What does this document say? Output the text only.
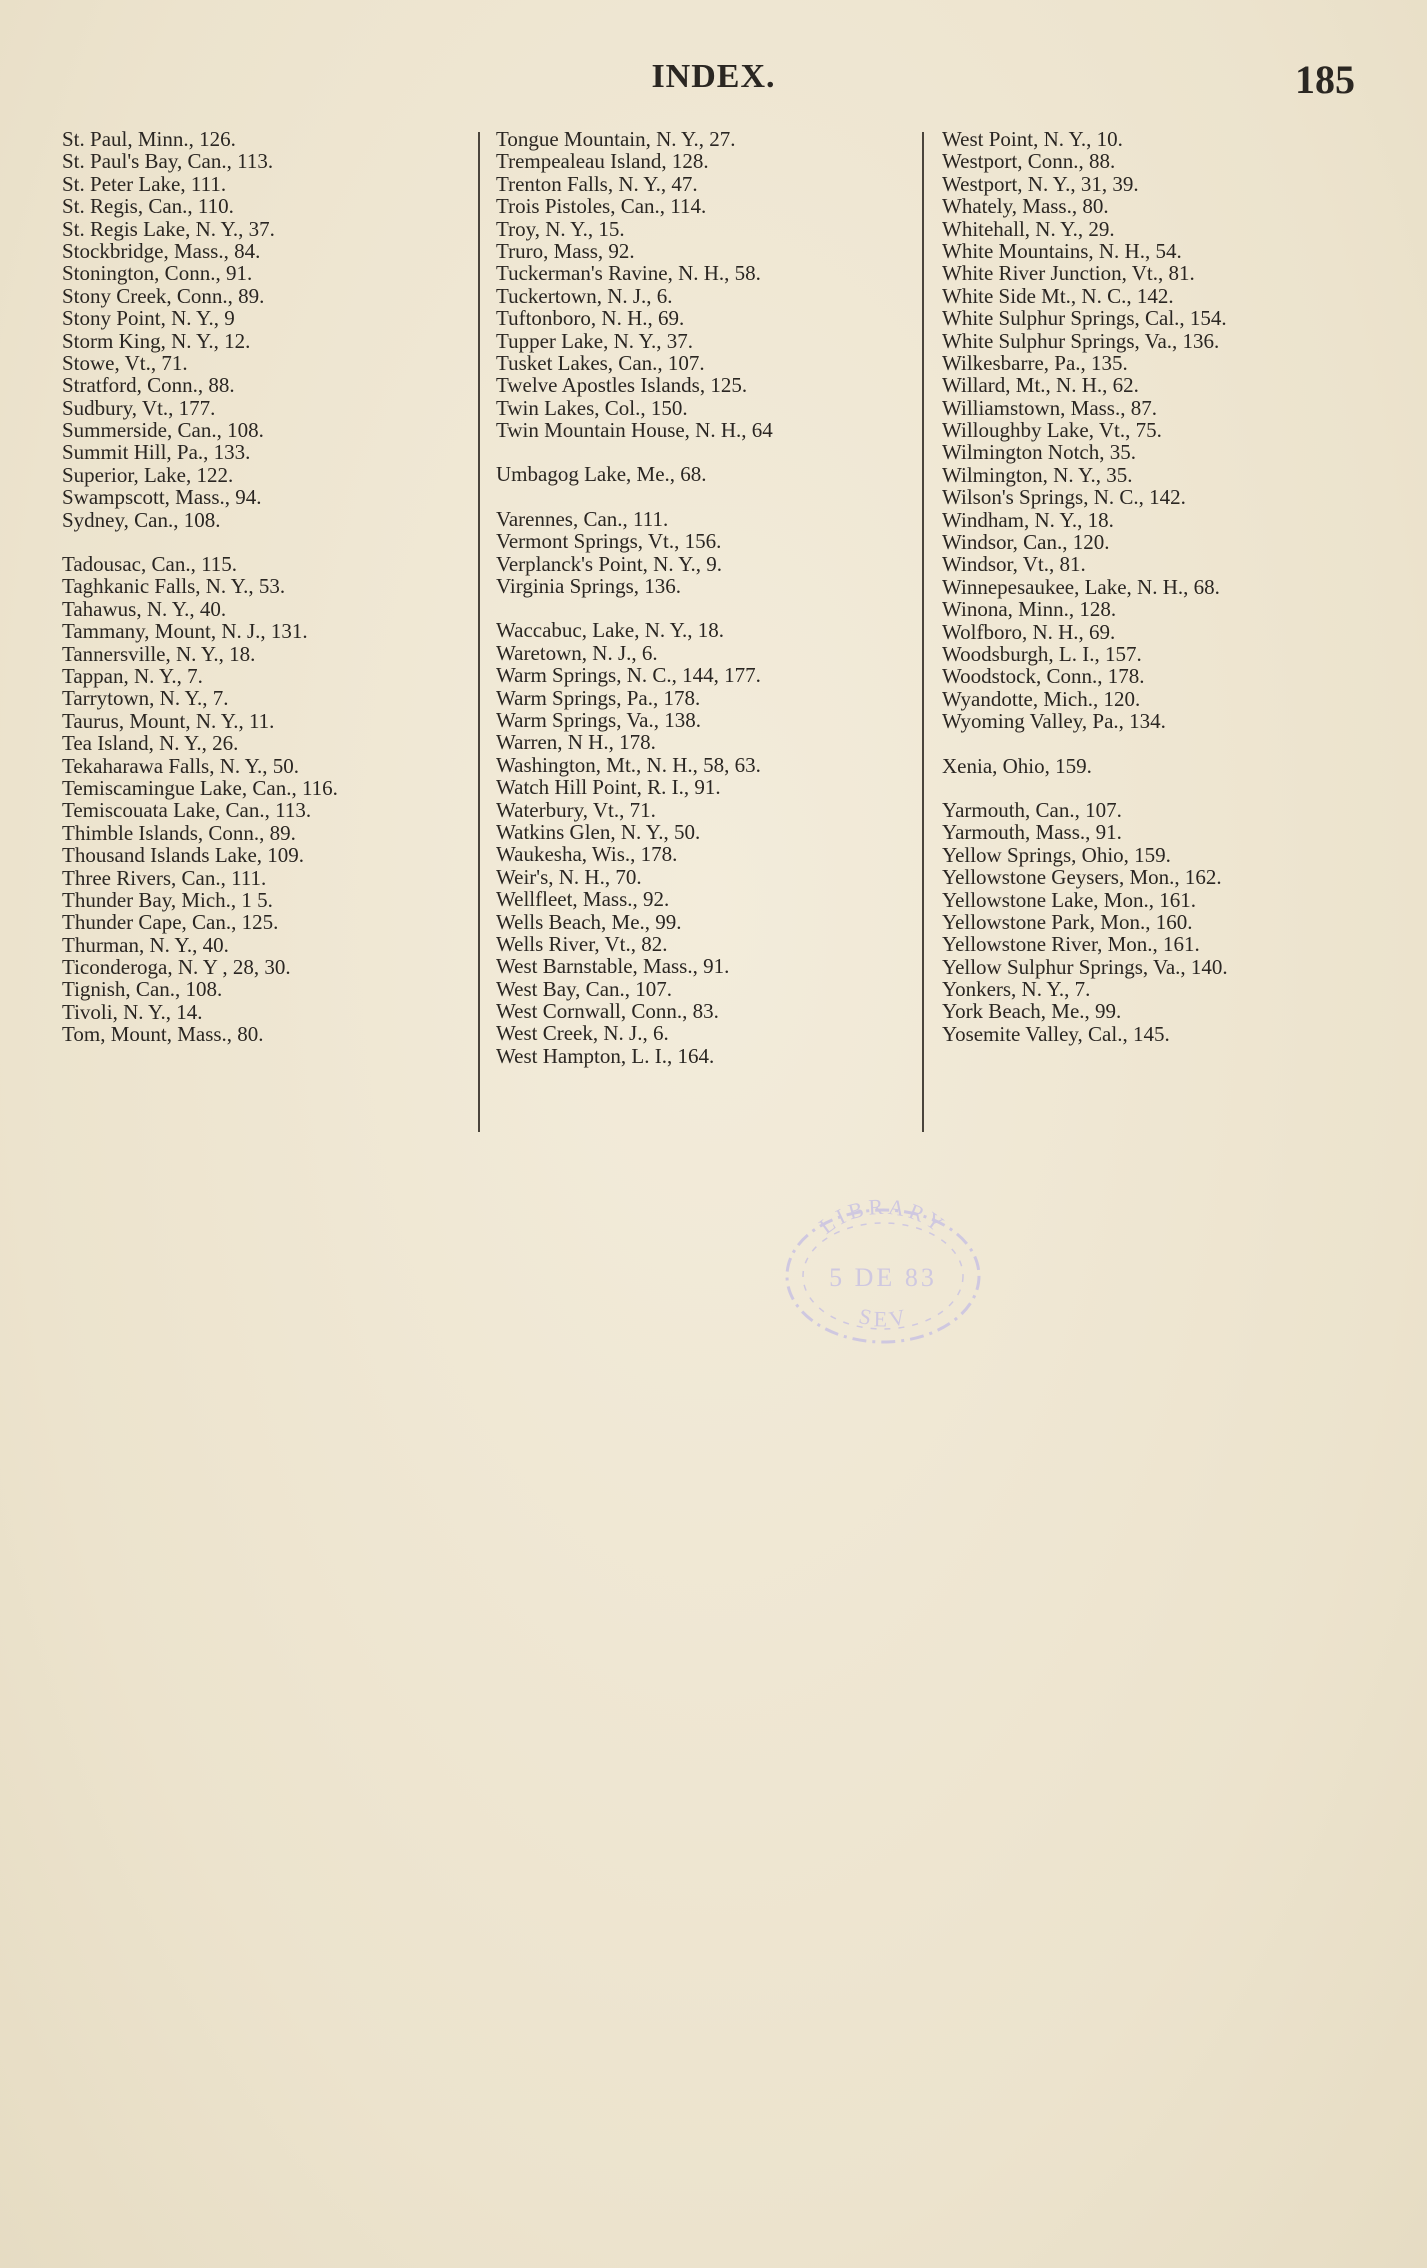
INDEX.	185
St. Paul, Minn., 126.
St. Paul's Bay, Can., 113.
St. Peter Lake, 111.
St. Regis, Can., 110.
St. Regis Lake, N. Y., 37.
Stockbridge, Mass., 84.
Stonington, Conn., 91.
Stony Creek, Conn., 89.
Stony Point, N. Y., 9
Storm King, N. Y., 12.
Stowe, Vt., 71.
Stratford, Conn., 88.
Sudbury, Vt., 177.
Summerside, Can., 108.
Summit Hill, Pa., 133.
Superior, Lake, 122.
Swampscott, Mass., 94.
Sydney, Can., 108.
Tadousac, Can., 115.
Taghkanic Falls, N. Y., 53.
Tahawus, N. Y., 40.
Tammany, Mount, N. J., 131.
Tannersville, N. Y., 18.
Tappan, N. Y., 7.
Tarrytown, N. Y., 7.
Taurus, Mount, N. Y., 11.
Tea Island, N. Y., 26.
Tekaharawa Falls, N. Y., 50.
Temiscamingue Lake, Can., 116.
Temiscouata Lake, Can., 113.
Thimble Islands, Conn., 89.
Thousand Islands Lake, 109.
Three Rivers, Can., 111.
Thunder Bay, Mich., 1 5.
Thunder Cape, Can., 125.
Thurman, N. Y., 40.
Ticonderoga, N. Y , 28, 30.
Tignish, Can., 108.
Tivoli, N. Y., 14.
Tom, Mount, Mass., 80.
Tongue Mountain, N. Y., 27.
Trempealeau Island, 128.
Trenton Falls, N. Y., 47.
Trois Pistoles, Can., 114.
Troy, N. Y., 15.
Truro, Mass, 92.
Tuckerman's Ravine, N. H., 58.
Tuckertown, N. J., 6.
Tuftonboro, N. H., 69.
Tupper Lake, N. Y., 37.
Tusket Lakes, Can., 107.
Twelve Apostles Islands, 125.
Twin Lakes, Col., 150.
Twin Mountain House, N. H., 64
Umbagog Lake, Me., 68.
Varennes, Can., 111.
Vermont Springs, Vt., 156.
Verplanck's Point, N. Y., 9.
Virginia Springs, 136.
Waccabuc, Lake, N. Y., 18.
Waretown, N. J., 6.
Warm Springs, N. C., 144, 177.
Warm Springs, Pa., 178.
Warm Springs, Va., 138.
Warren, N H., 178.
Washington, Mt., N. H., 58, 63.
Watch Hill Point, R. I., 91.
Waterbury, Vt., 71.
Watkins Glen, N. Y., 50.
Waukesha, Wis., 178.
Weir's, N. H., 70.
Wellfleet, Mass., 92.
Wells Beach, Me., 99.
Wells River, Vt., 82.
West Barnstable, Mass., 91.
West Bay, Can., 107.
West Cornwall, Conn., 83.
West Creek, N. J., 6.
West Hampton, L. I., 164.
West Point, N. Y., 10.
Westport, Conn., 88.
Westport, N. Y., 31, 39.
Whately, Mass., 80.
Whitehall, N. Y., 29.
White Mountains, N. H., 54.
White River Junction, Vt., 81.
White Side Mt., N. C., 142.
White Sulphur Springs, Cal., 154.
White Sulphur Springs, Va., 136.
Wilkesbarre, Pa., 135.
Willard, Mt., N. H., 62.
Williamstown, Mass., 87.
Willoughby Lake, Vt., 75.
Wilmington Notch, 35.
Wilmington, N. Y., 35.
Wilson's Springs, N. C., 142.
Windham, N. Y., 18.
Windsor, Can., 120.
Windsor, Vt., 81.
Winnepesaukee, Lake, N. H., 68.
Winona, Minn., 128.
Wolfboro, N. H., 69.
Woodsburgh, L. I., 157.
Woodstock, Conn., 178.
Wyandotte, Mich., 120.
Wyoming Valley, Pa., 134.
Xenia, Ohio, 159.
Yarmouth, Can., 107.
Yarmouth, Mass., 91.
Yellow Springs, Ohio, 159.
Yellowstone Geysers, Mon., 162.
Yellowstone Lake, Mon., 161.
Yellowstone Park, Mon., 160.
Yellowstone River, Mon., 161.
Yellow Sulphur Springs, Va., 140.
Yonkers, N. Y., 7.
York Beach, Me., 99.
Yosemite Valley, Cal., 145.
LIBRARY
5 DE 83
SEV
